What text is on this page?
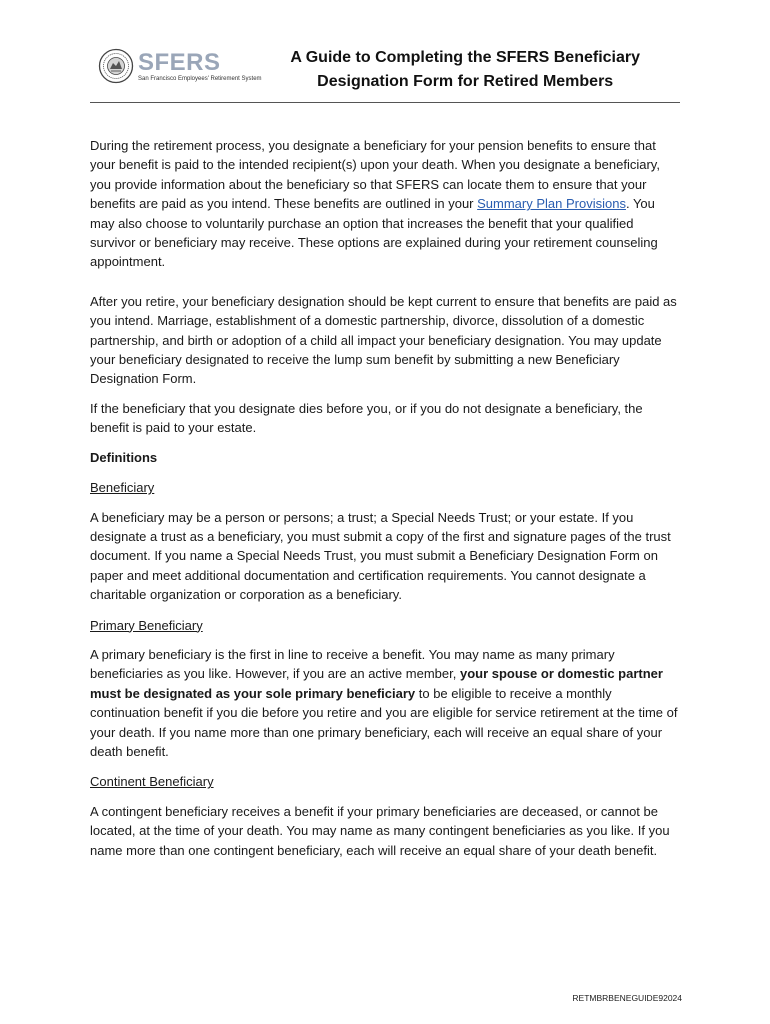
SFERS
San Francisco Employees' Retirement System
A Guide to Completing the SFERS Beneficiary
Designation Form for Retired Members

During the retirement process, you designate a beneficiary for your pension benefits to ensure that your benefit is paid to the intended recipient(s) upon your death. When you designate a beneficiary, you provide information about the beneficiary so that SFERS can locate them to ensure that your benefits are paid as you intend. These benefits are outlined in your Summary Plan Provisions. You may also choose to voluntarily purchase an option that increases the benefit that your qualified survivor or beneficiary may receive. These options are explained during your retirement counseling appointment.

After you retire, your beneficiary designation should be kept current to ensure that benefits are paid as you intend. Marriage, establishment of a domestic partnership, divorce, dissolution of a domestic partnership, and birth or adoption of a child all impact your beneficiary designation. You may update your beneficiary designated to receive the lump sum benefit by submitting a new Beneficiary Designation Form.

If the beneficiary that you designate dies before you, or if you do not designate a beneficiary, the benefit is paid to your estate.

Definitions

Beneficiary

A beneficiary may be a person or persons; a trust; a Special Needs Trust; or your estate. If you designate a trust as a beneficiary, you must submit a copy of the first and signature pages of the trust document. If you name a Special Needs Trust, you must submit a Beneficiary Designation Form on paper and meet additional documentation and certification requirements. You cannot designate a charitable organization or corporation as a beneficiary.

Primary Beneficiary

A primary beneficiary is the first in line to receive a benefit. You may name as many primary beneficiaries as you like. However, if you are an active member, your spouse or domestic partner must be designated as your sole primary beneficiary to be eligible to receive a monthly continuation benefit if you die before you retire and you are eligible for service retirement at the time of your death. If you name more than one primary beneficiary, each will receive an equal share of your death benefit.

Continent Beneficiary

A contingent beneficiary receives a benefit if your primary beneficiaries are deceased, or cannot be located, at the time of your death. You may name as many contingent beneficiaries as you like. If you name more than one contingent beneficiary, each will receive an equal share of your death benefit.

RETMBRBENEGUIDE92024
